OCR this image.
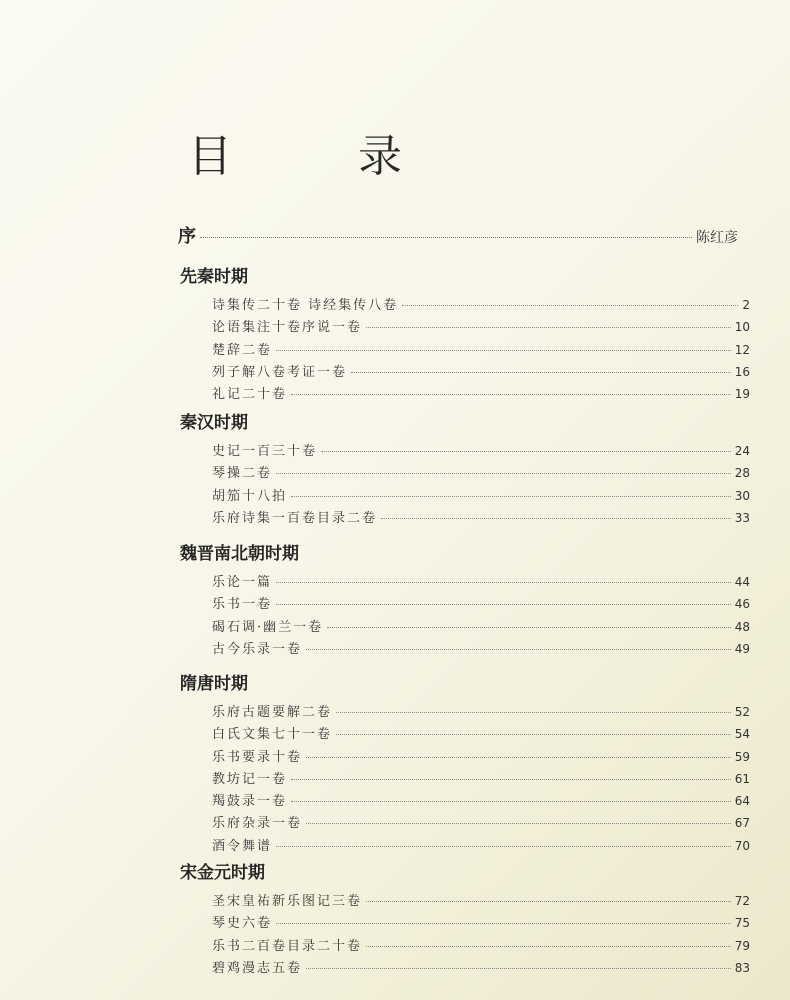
目 录
序	陈红彦
先秦时期
诗集传二十卷 诗经集传八卷	2
论语集注十卷序说一卷	10
楚辞二卷	12
列子解八卷考证一卷	16
礼记二十卷	19
秦汉时期
史记一百三十卷	24
琴操二卷	28
胡笳十八拍	30
乐府诗集一百卷目录二卷	33
魏晋南北朝时期
乐论一篇	44
乐书一卷	46
碣石调·幽兰一卷	48
古今乐录一卷	49
隋唐时期
乐府古题要解二卷	52
白氏文集七十一卷	54
乐书要录十卷	59
教坊记一卷	61
羯鼓录一卷	64
乐府杂录一卷	67
酒令舞谱	70
宋金元时期
圣宋皇祐新乐图记三卷	72
琴史六卷	75
乐书二百卷目录二十卷	79
碧鸡漫志五卷	83
